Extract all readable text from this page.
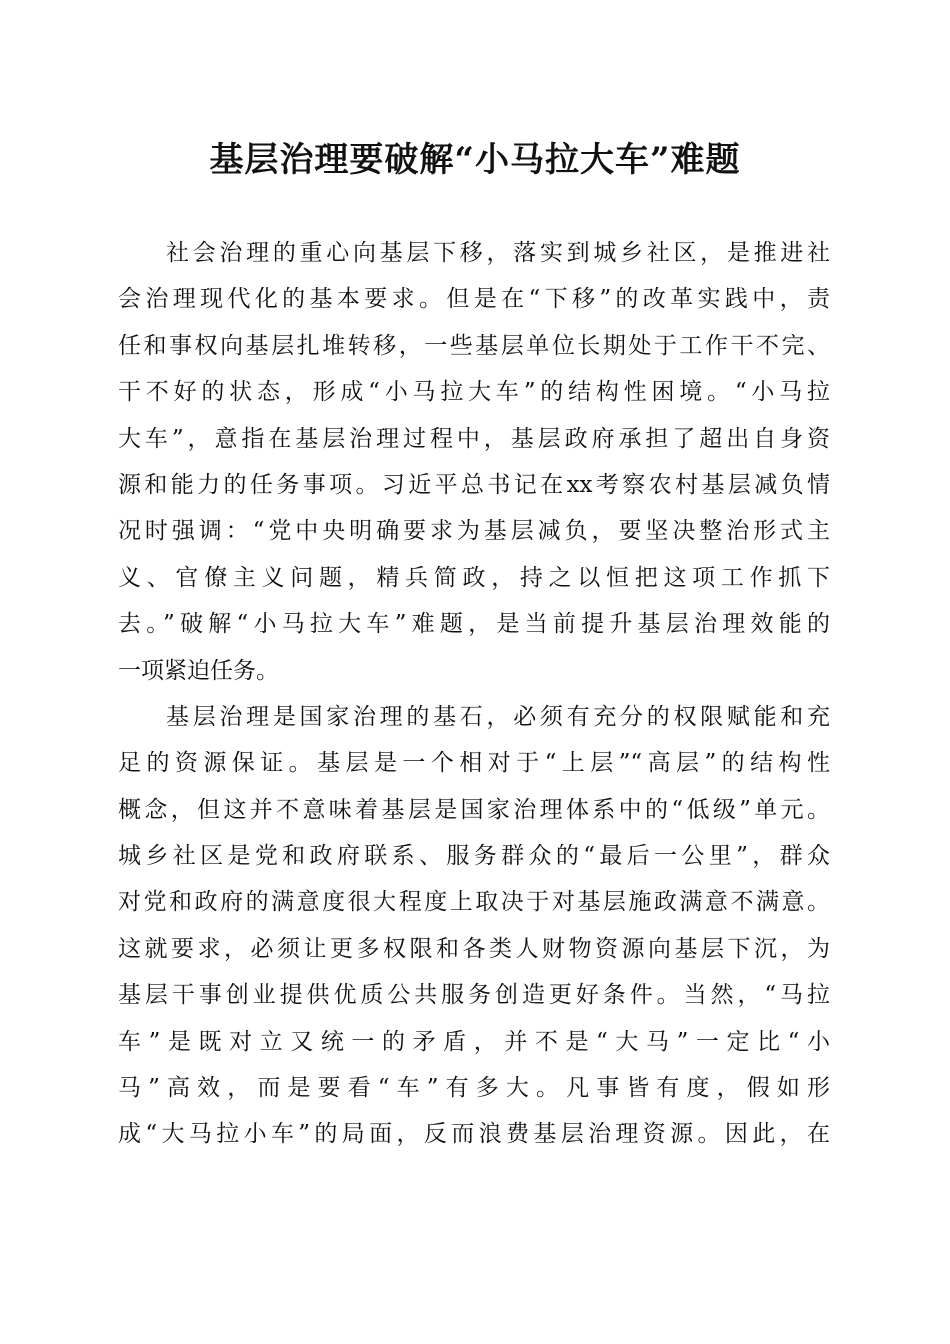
基层治理要破解“小马拉大车”难题
社会治理的重心向基层下移，落实到城乡社区，是推进社
会治理现代化的基本要求。但是在“下移”的改革实践中，责
任和事权向基层扎堆转移，一些基层单位长期处于工作干不完、
干不好的状态，形成“小马拉大车”的结构性困境。“小马拉
大车”，意指在基层治理过程中，基层政府承担了超出自身资
源和能力的任务事项。习近平总书记在xx考察农村基层减负情
况时强调：“党中央明确要求为基层减负，要坚决整治形式主
义、官僚主义问题，精兵简政，持之以恒把这项工作抓下
去。”破解“小马拉大车”难题，是当前提升基层治理效能的
一项紧迫任务。
基层治理是国家治理的基石，必须有充分的权限赋能和充
足的资源保证。基层是一个相对于“上层”“高层”的结构性
概念，但这并不意味着基层是国家治理体系中的“低级”单元。
城乡社区是党和政府联系、服务群众的“最后一公里”，群众
对党和政府的满意度很大程度上取决于对基层施政满意不满意。
这就要求，必须让更多权限和各类人财物资源向基层下沉，为
基层干事创业提供优质公共服务创造更好条件。当然，“马拉
车”是既对立又统一的矛盾，并不是“大马”一定比“小
马”高效，而是要看“车”有多大。凡事皆有度，假如形
成“大马拉小车”的局面，反而浪费基层治理资源。因此，在
